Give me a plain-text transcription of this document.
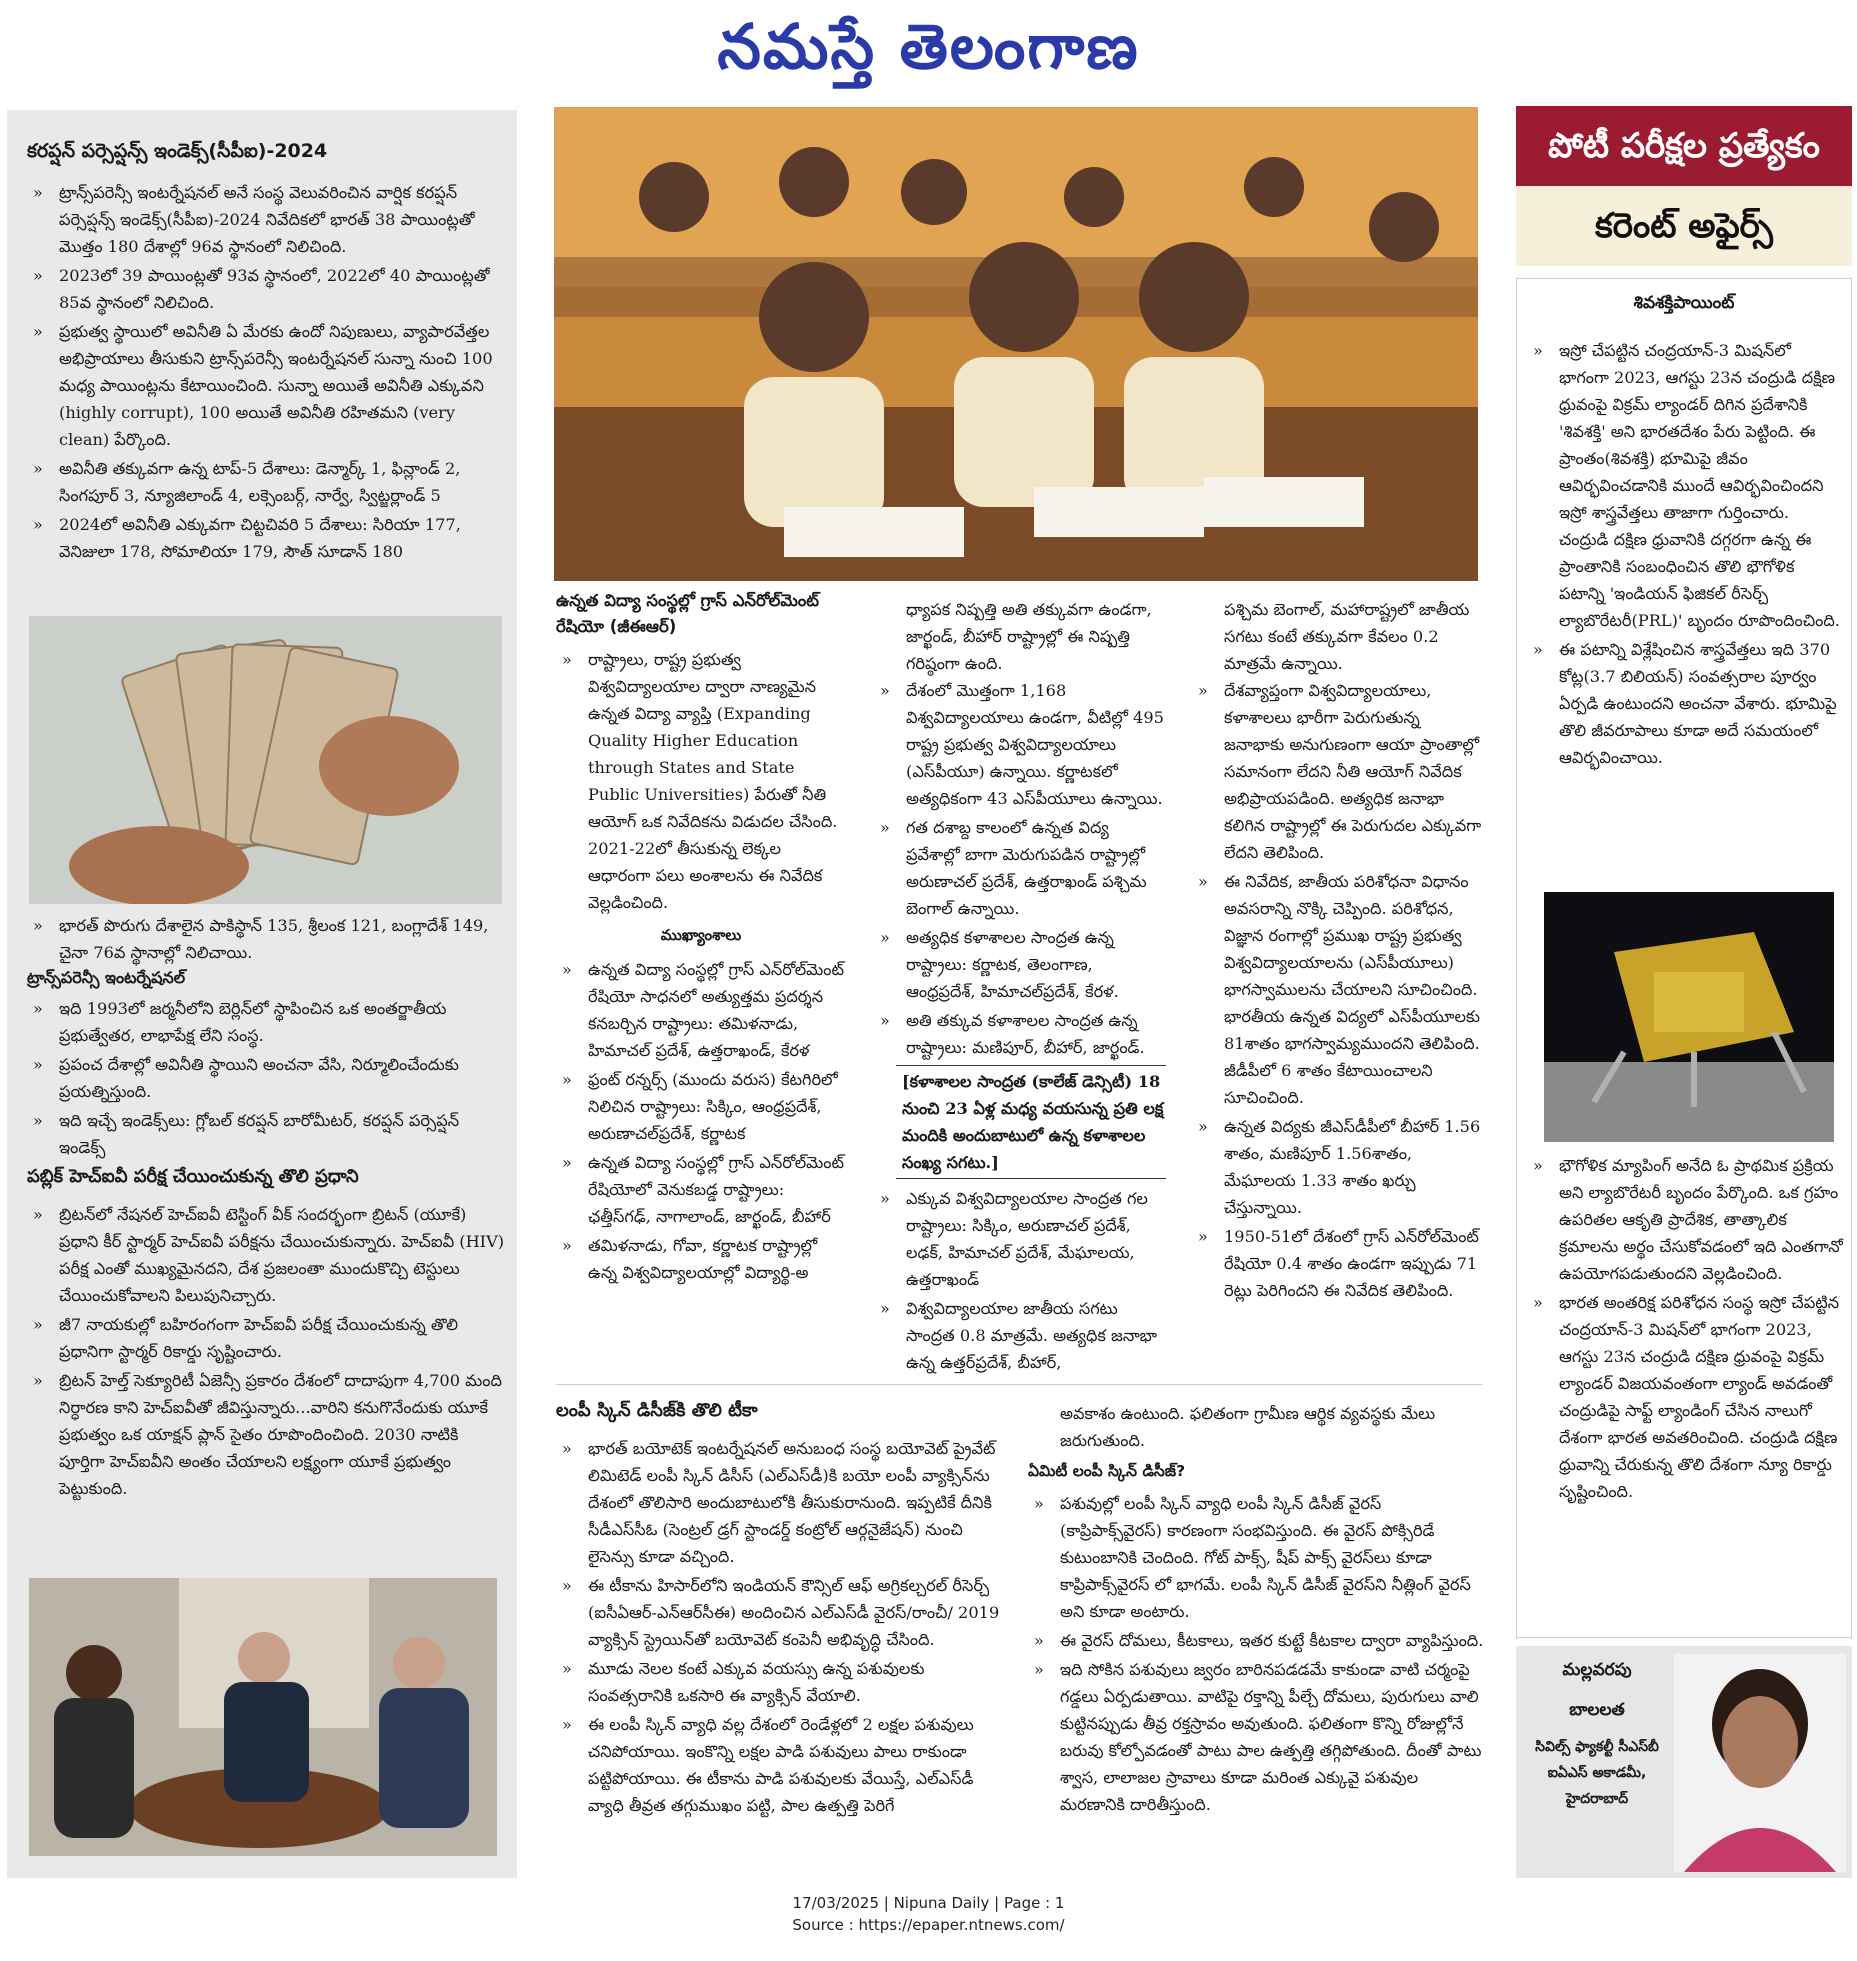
నమస్తే తెలంగాణ
కరప్షన్ పర్సెప్షన్స్ ఇండెక్స్(సీపీఐ)-2024
» ట్రాన్స్‌పరెన్సీ ఇంటర్నేషనల్ అనే సంస్థ వెలువరించిన వార్షిక కరప్షన్ పర్సెప్షన్స్ ఇండెక్స్(సీపీఐ)-2024 నివేదికలో భారత్ 38 పాయింట్లతో మొత్తం 180 దేశాల్లో 96వ స్థానంలో నిలిచింది.
» 2023లో 39 పాయింట్లతో 93వ స్థానంలో, 2022లో 40 పాయింట్లతో 85వ స్థానంలో నిలిచింది.
» ప్రభుత్వ స్థాయిలో అవినీతి ఏ మేరకు ఉందో నిపుణులు, వ్యాపారవేత్తల అభిప్రాయాలు తీసుకుని ట్రాన్స్‌పరెన్సీ ఇంటర్నేషనల్ సున్నా నుంచి 100 మధ్య పాయింట్లను కేటాయించింది. సున్నా అయితే అవినీతి ఎక్కువని (highly corrupt), 100 అయితే అవినీతి రహితమని (very clean) పేర్కొంది.
» అవినీతి తక్కువగా ఉన్న టాప్-5 దేశాలు: డెన్మార్క్ 1, ఫిన్లాండ్ 2, సింగపూర్ 3, న్యూజిలాండ్ 4, లక్సెంబర్గ్, నార్వే, స్విట్జర్లాండ్ 5
» 2024లో అవినీతి ఎక్కువగా చిట్టచివరి 5 దేశాలు: సిరియా 177, వెనిజులా 178, సోమాలియా 179, సౌత్ సూడాన్ 180
» భారత్ పొరుగు దేశాలైన పాకిస్థాన్ 135, శ్రీలంక 121, బంగ్లాదేశ్ 149, చైనా 76వ స్థానాల్లో నిలిచాయి.
ట్రాన్స్‌పరెన్సీ ఇంటర్నేషనల్
» ఇది 1993లో జర్మనీలోని బెర్లిన్‌లో స్థాపించిన ఒక అంతర్జాతీయ ప్రభుత్వేతర, లాభాపేక్ష లేని సంస్థ.
» ప్రపంచ దేశాల్లో అవినీతి స్థాయిని అంచనా వేసి, నిర్మూలించేందుకు ప్రయత్నిస్తుంది.
» ఇది ఇచ్చే ఇండెక్స్‌లు: గ్లోబల్ కరప్షన్ బారోమీటర్, కరప్షన్ పర్సెప్షన్ ఇండెక్స్
పబ్లిక్ హెచ్ఐవీ పరీక్ష చేయించుకున్న తొలి ప్రధాని
» బ్రిటన్‌లో నేషనల్ హెచ్ఐవీ టెస్టింగ్ వీక్ సందర్భంగా బ్రిటన్ (యూకే) ప్రధాని కీర్ స్టార్మర్ హెచ్ఐవీ పరీక్షను చేయించుకున్నారు. హెచ్ఐవీ (HIV) పరీక్ష ఎంతో ముఖ్యమైనదని, దేశ ప్రజలంతా ముందుకొచ్చి టెస్టులు చేయించుకోవాలని పిలుపునిచ్చారు.
» జీ7 నాయకుల్లో బహిరంగంగా హెచ్ఐవీ పరీక్ష చేయించుకున్న తొలి ప్రధానిగా స్టార్మర్ రికార్డు సృష్టించారు.
» బ్రిటన్ హెల్త్ సెక్యూరిటీ ఏజెన్సీ ప్రకారం దేశంలో దాదాపుగా 4,700 మంది నిర్ధారణ కాని హెచ్ఐవీతో జీవిస్తున్నారు...వారిని కనుగొనేందుకు యూకే ప్రభుత్వం ఒక యాక్షన్ ప్లాన్ సైతం రూపొందించింది. 2030 నాటికి పూర్తిగా హెచ్ఐవీని అంతం చేయాలని లక్ష్యంగా యూకే ప్రభుత్వం పెట్టుకుంది.
ఉన్నత విద్యా సంస్థల్లో గ్రాస్ ఎన్‌రోల్‌మెంట్ రేషియో (జీఈఆర్)
» రాష్ట్రాలు, రాష్ట్ర ప్రభుత్వ విశ్వవిద్యాలయాల ద్వారా నాణ్యమైన ఉన్నత విద్యా వ్యాప్తి (Expanding Quality Higher Education through States and State Public Universities) పేరుతో నీతి ఆయోగ్ ఒక నివేదికను విడుదల చేసింది. 2021-22లో తీసుకున్న లెక్కల ఆధారంగా పలు అంశాలను ఈ నివేదిక వెల్లడించింది.
ముఖ్యాంశాలు
» ఉన్నత విద్యా సంస్థల్లో గ్రాస్ ఎన్‌రోల్‌మెంట్ రేషియో సాధనలో అత్యుత్తమ ప్రదర్శన కనబర్చిన రాష్ట్రాలు: తమిళనాడు, హిమాచల్ ప్రదేశ్, ఉత్తరాఖండ్, కేరళ
» ఫ్రంట్ రన్నర్స్ (ముందు వరుస) కేటగిరిలో నిలిచిన రాష్ట్రాలు: సిక్కిం, ఆంధ్రప్రదేశ్, అరుణాచల్‌ప్రదేశ్, కర్ణాటక
» ఉన్నత విద్యా సంస్థల్లో గ్రాస్ ఎన్‌రోల్‌మెంట్ రేషియోలో వెనుకబడ్డ రాష్ట్రాలు: ఛత్తీస్‌గఢ్, నాగాలాండ్, జార్ఖండ్, బీహార్
» తమిళనాడు, గోవా, కర్ణాటక రాష్ట్రాల్లో ఉన్న విశ్వవిద్యాలయాల్లో విద్యార్థి-అ

ధ్యాపక నిష్పత్తి అతి తక్కువగా ఉండగా, జార్ఖండ్, బీహార్ రాష్ట్రాల్లో ఈ నిష్పత్తి గరిష్ఠంగా ఉంది.

» దేశంలో మొత్తంగా 1,168 విశ్వవిద్యాలయాలు ఉండగా, వీటిల్లో 495 రాష్ట్ర ప్రభుత్వ విశ్వవిద్యాలయాలు (ఎస్‌పీయూ) ఉన్నాయి. కర్ణాటకలో అత్యధికంగా 43 ఎస్‌పీయూలు ఉన్నాయి.
» గత దశాబ్ద కాలంలో ఉన్నత విద్య ప్రవేశాల్లో బాగా మెరుగుపడిన రాష్ట్రాల్లో అరుణాచల్ ప్రదేశ్, ఉత్తరాఖండ్ పశ్చిమ బెంగాల్ ఉన్నాయి.
» అత్యధిక కళాశాలల సాంద్రత ఉన్న రాష్ట్రాలు: కర్ణాటక, తెలంగాణ, ఆంధ్రప్రదేశ్, హిమాచల్‌ప్రదేశ్, కేరళ.
» అతి తక్కువ కళాశాలల సాంద్రత ఉన్న రాష్ట్రాలు: మణిపూర్, బీహార్, జార్ఖండ్.
[కళాశాలల సాంద్రత (కాలేజ్ డెన్సిటీ) 18 నుంచి 23 ఏళ్ల మధ్య వయసున్న ప్రతి లక్ష మందికి అందుబాటులో ఉన్న కళాశాలల సంఖ్య సగటు.]
» ఎక్కువ విశ్వవిద్యాలయాల సాంద్రత గల రాష్ట్రాలు: సిక్కిం, అరుణాచల్ ప్రదేశ్, లఢక్, హిమాచల్ ప్రదేశ్, మేఘాలయ, ఉత్తరాఖండ్
» విశ్వవిద్యాలయాల జాతీయ సగటు సాంద్రత 0.8 మాత్రమే. అత్యధిక జనాభా ఉన్న ఉత్తర్‌ప్రదేశ్, బీహార్,

పశ్చిమ బెంగాల్, మహారాష్ట్రలో జాతీయ సగటు కంటే తక్కువగా కేవలం 0.2 మాత్రమే ఉన్నాయి.

» దేశవ్యాప్తంగా విశ్వవిద్యాలయాలు, కళాశాలలు భారీగా పెరుగుతున్న జనాభాకు అనుగుణంగా ఆయా ప్రాంతాల్లో సమానంగా లేదని నీతి ఆయోగ్ నివేదిక అభిప్రాయపడింది. అత్యధిక జనాభా కలిగిన రాష్ట్రాల్లో ఈ పెరుగుదల ఎక్కువగా లేదని తెలిపింది.
» ఈ నివేదిక, జాతీయ పరిశోధనా విధానం అవసరాన్ని నొక్కి చెప్పింది. పరిశోధన, విజ్ఞాన రంగాల్లో ప్రముఖ రాష్ట్ర ప్రభుత్వ విశ్వవిద్యాలయాలను (ఎస్‌పీయూలు) భాగస్వాములను చేయాలని సూచించింది. భారతీయ ఉన్నత విద్యలో ఎస్‌పీయూలకు 81శాతం భాగస్వామ్యముందని తెలిపింది. జీడీపీలో 6 శాతం కేటాయించాలని సూచించింది.
» ఉన్నత విద్యకు జీఎస్‌డీపీలో బీహార్ 1.56 శాతం, మణిపూర్ 1.56శాతం, మేఘాలయ 1.33 శాతం ఖర్చు చేస్తున్నాయి.
» 1950-51లో దేశంలో గ్రాస్ ఎన్‌రోల్‌మెంట్ రేషియో 0.4 శాతం ఉండగా ఇప్పుడు 71 రెట్లు పెరిగిందని ఈ నివేదిక తెలిపింది.
లంపీ స్కిన్ డిసీజ్‌కి తొలి టీకా
» భారత్ బయోటెక్ ఇంటర్నేషనల్ అనుబంధ సంస్థ బయోవెట్ ప్రైవేట్ లిమిటెడ్ లంపీ స్కిన్ డిసీస్ (ఎల్ఎస్‌డీ)కి బయో లంపీ వ్యాక్సిన్‌ను దేశంలో తొలిసారి అందుబాటులోకి తీసుకురానుంది. ఇప్పటికే దీనికి సీడీఎస్‌సీఓ (సెంట్రల్ డ్రగ్ స్టాండర్డ్ కంట్రోల్ ఆర్గనైజేషన్) నుంచి లైసెన్సు కూడా వచ్చింది.
» ఈ టీకాను హిసార్‌లోని ఇండియన్ కౌన్సిల్ ఆఫ్ అగ్రికల్చరల్ రీసెర్చ్ (ఐసీఏఆర్-ఎన్ఆర్‌సీఈ) అందించిన ఎల్ఎస్‌డీ వైరస్/రాంచీ/ 2019 వ్యాక్సిన్ స్ట్రెయిన్‌తో బయోవెట్ కంపెనీ అభివృద్ధి చేసింది.
» మూడు నెలల కంటే ఎక్కువ వయస్సు ఉన్న పశువులకు సంవత్సరానికి ఒకసారి ఈ వ్యాక్సిన్ వేయాలి.
» ఈ లంపీ స్కిన్ వ్యాధి వల్ల దేశంలో రెండేళ్లలో 2 లక్షల పశువులు చనిపోయాయి. ఇంకొన్ని లక్షల పాడి పశువులు పాలు రాకుండా పట్టిపోయాయి. ఈ టీకాను పాడి పశువులకు వేయిస్తే, ఎల్ఎస్‌డీ వ్యాధి తీవ్రత తగ్గుముఖం పట్టి, పాల ఉత్పత్తి పెరిగే

అవకాశం ఉంటుంది. ఫలితంగా గ్రామీణ ఆర్థిక వ్యవస్థకు మేలు జరుగుతుంది.

ఏమిటీ లంపీ స్కిన్ డిసీజ్?
» పశువుల్లో లంపీ స్కిన్ వ్యాధి లంపీ స్కిన్ డిసీజ్ వైరస్ (కాప్రిపాక్స్‌వైరస్) కారణంగా సంభవిస్తుంది. ఈ వైరస్ పోక్సిరిడే కుటుంబానికి చెందింది. గోట్ పాక్స్, షీప్ పాక్స్ వైరస్‌లు కూడా కాప్రిపాక్స్‌వైరస్ లో భాగమే. లంపీ స్కిన్ డిసీజ్ వైరస్‌ని నీత్లింగ్ వైరస్ అని కూడా అంటారు.
» ఈ వైరస్ దోమలు, కీటకాలు, ఇతర కుట్టే కీటకాల ద్వారా వ్యాపిస్తుంది.
» ఇది సోకిన పశువులు జ్వరం బారినపడడమే కాకుండా వాటి చర్మంపై గడ్డలు ఏర్పడుతాయి. వాటిపై రక్తాన్ని పీల్చే దోమలు, పురుగులు వాలి కుట్టినప్పుడు తీవ్ర రక్తస్రావం అవుతుంది. ఫలితంగా కొన్ని రోజుల్లోనే బరువు కోల్పోవడంతో పాటు పాల ఉత్పత్తి తగ్గిపోతుంది. దీంతో పాటు శ్వాస, లాలాజల స్రావాలు కూడా మరింత ఎక్కువై పశువుల మరణానికి దారితీస్తుంది.
పోటీ పరీక్షల ప్రత్యేకం
కరెంట్ అఫైర్స్
శివశక్తిపాయింట్
» ఇస్రో చేపట్టిన చంద్రయాన్-3 మిషన్‌లో భాగంగా 2023, ఆగస్టు 23న చంద్రుడి దక్షిణ ధ్రువంపై విక్రమ్ ల్యాండర్ దిగిన ప్రదేశానికి 'శివశక్తి' అని భారతదేశం పేరు పెట్టింది. ఈ ప్రాంతం(శివశక్తి) భూమిపై జీవం ఆవిర్భవించడానికి ముందే ఆవిర్భవించిందని ఇస్రో శాస్త్రవేత్తలు తాజాగా గుర్తించారు. చంద్రుడి దక్షిణ ధ్రువానికి దగ్గరగా ఉన్న ఈ ప్రాంతానికి సంబంధించిన తొలి భౌగోళిక పటాన్ని 'ఇండియన్ ఫిజికల్ రీసెర్చ్ ల్యాబొరేటరీ(PRL)' బృందం రూపొందించింది.
» ఈ పటాన్ని విశ్లేషించిన శాస్త్రవేత్తలు ఇది 370 కోట్ల(3.7 బిలియన్) సంవత్సరాల పూర్వం ఏర్పడి ఉంటుందని అంచనా వేశారు. భూమిపై తొలి జీవరూపాలు కూడా అదే సమయంలో ఆవిర్భవించాయి.
» భౌగోళిక మ్యాపింగ్ అనేది ఓ ప్రాథమిక ప్రక్రియ అని ల్యాబొరేటరీ బృందం పేర్కొంది. ఒక గ్రహం ఉపరితల ఆకృతి ప్రాదేశిక, తాత్కాలిక క్రమాలను అర్థం చేసుకోవడంలో ఇది ఎంతగానో ఉపయోగపడుతుందని వెల్లడించింది.
» భారత అంతరిక్ష పరిశోధన సంస్థ ఇస్రో చేపట్టిన చంద్రయాన్-3 మిషన్‌లో భాగంగా 2023, ఆగస్టు 23న చంద్రుడి దక్షిణ ధ్రువంపై విక్రమ్ ల్యాండర్ విజయవంతంగా ల్యాండ్ అవడంతో చంద్రుడిపై సాఫ్ట్ ల్యాండింగ్ చేసిన నాలుగో దేశంగా భారత అవతరించింది. చంద్రుడి దక్షిణ ధ్రువాన్ని చేరుకున్న తొలి దేశంగా న్యూ రికార్డు సృష్టించింది.
మల్లవరపు
బాలలత
సివిల్స్ ఫ్యాకల్టీ సీఎస్‌బీ ఐఏఎస్ అకాడమీ, హైదరాబాద్
17/03/2025 | Nipuna Daily | Page : 1
Source : https://epaper.ntnews.com/
